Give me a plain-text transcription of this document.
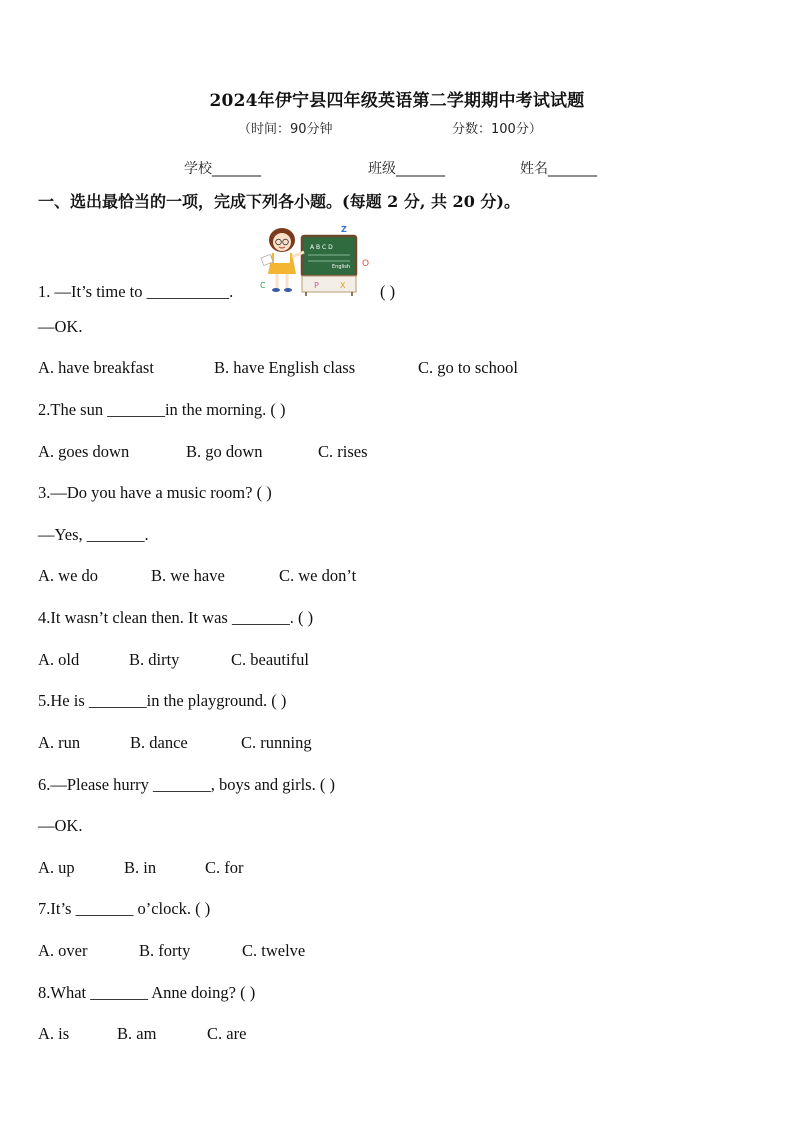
2024年伊宁县四年级英语第二学期期中考试试题
（时间：90分钟	分数：100分）
学校_______	班级_______	姓名_______
一、选出最恰当的一项，完成下列各小题。(每题 2 分, 共 20 分)。
A B C D
English
Z
O
C	P	X
1. —It’s time to __________.	( )
—OK.
A. have breakfast	B. have English class	C. go to school
2.The sun _______in the morning. ( )
A. goes down	B. go down	C. rises
3.—Do you have a music room? ( )
—Yes, _______.
A. we do	B. we have	C. we don’t
4.It wasn’t clean then. It was _______. ( )
A. old	B. dirty	C. beautiful
5.He is _______in the playground. ( )
A. run	B. dance	C. running
6.—Please hurry _______, boys and girls. ( )
—OK.
A. up	B. in	C. for
7.It’s _______ o’clock. ( )
A. over	B. forty	C. twelve
8.What _______ Anne doing? ( )
A. is	B. am	C. are
